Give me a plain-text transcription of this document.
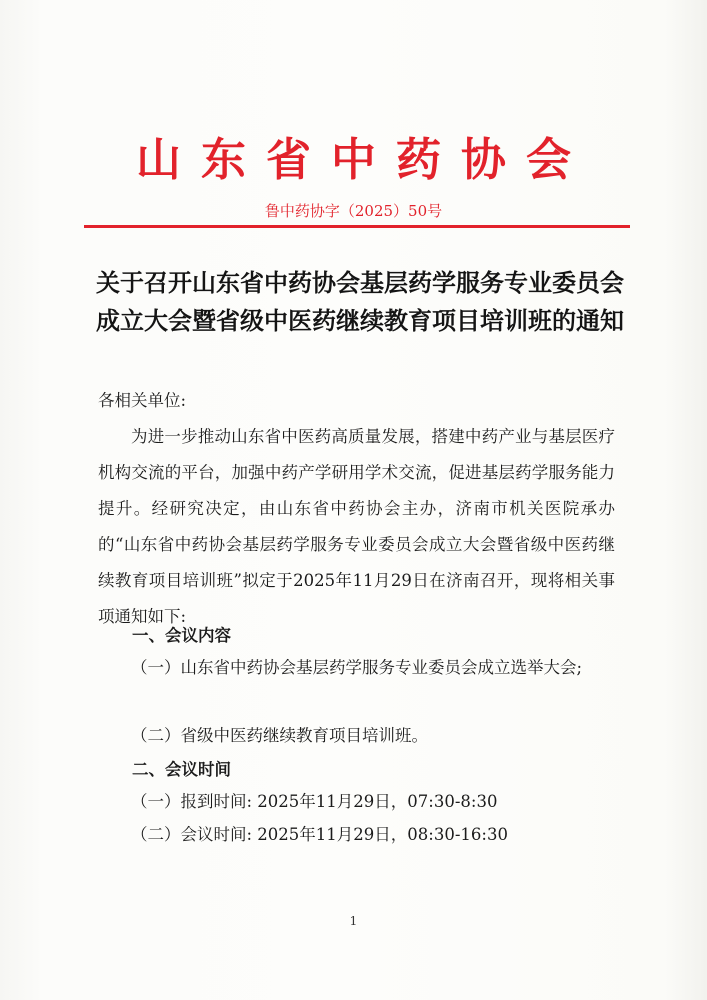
山东省中药协会
鲁中药协字（2025）50号
关于召开山东省中药协会基层药学服务专业委员会成立大会暨省级中医药继续教育项目培训班的通知
各相关单位:
为进一步推动山东省中医药高质量发展，搭建中药产业与基层医疗机构交流的平台，加强中药产学研用学术交流，促进基层药学服务能力提升。经研究决定，由山东省中药协会主办，济南市机关医院承办的“山东省中药协会基层药学服务专业委员会成立大会暨省级中医药继续教育项目培训班”拟定于2025年11月29日在济南召开，现将相关事项通知如下:
一、会议内容
（一）山东省中药协会基层药学服务专业委员会成立选举大会;
（二）省级中医药继续教育项目培训班。
二、会议时间
（一）报到时间: 2025年11月29日，07:30-8:30
（二）会议时间: 2025年11月29日，08:30-16:30
1
